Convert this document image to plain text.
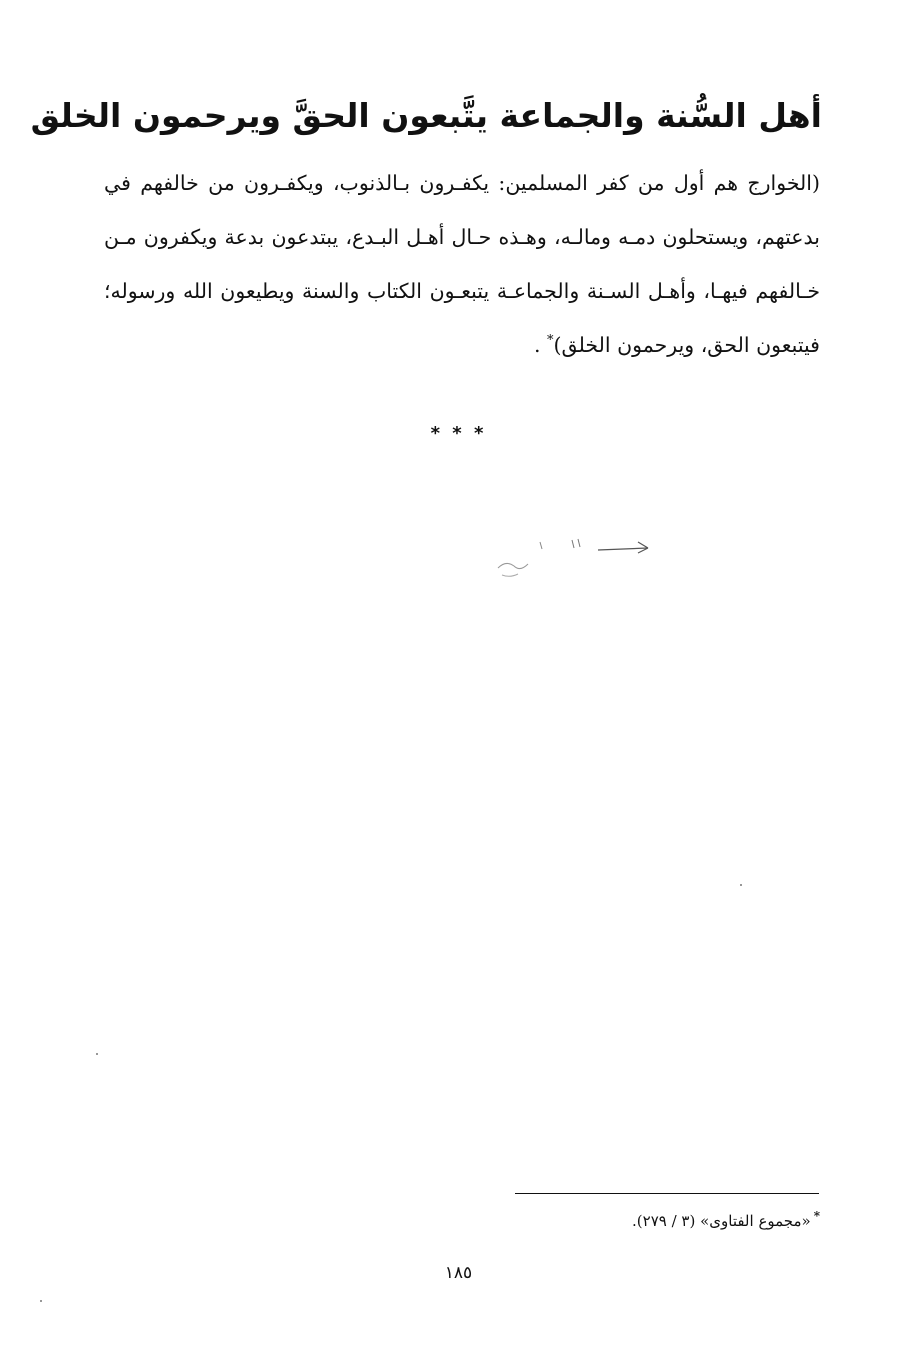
أهل السُّنة والجماعة يتَّبعون الحقَّ ويرحمون الخلق
(الخوارج هم أول من كفر المسلمين: يكفـرون بـالذنوب، ويكفـرون من خالفهم في بدعتهم، ويستحلون دمـه ومالـه، وهـذه حـال أهـل البـدع، يبتدعون بدعة ويكفرون مـن خـالفهم فيهـا، وأهـل السـنة والجماعـة يتبعـون الكتاب والسنة ويطيعون الله ورسوله؛ فيتبعون الحق، ويرحمون الخلق)* .
* * *
*«مجموع الفتاوى» (٣ / ٢٧٩).
١٨٥
